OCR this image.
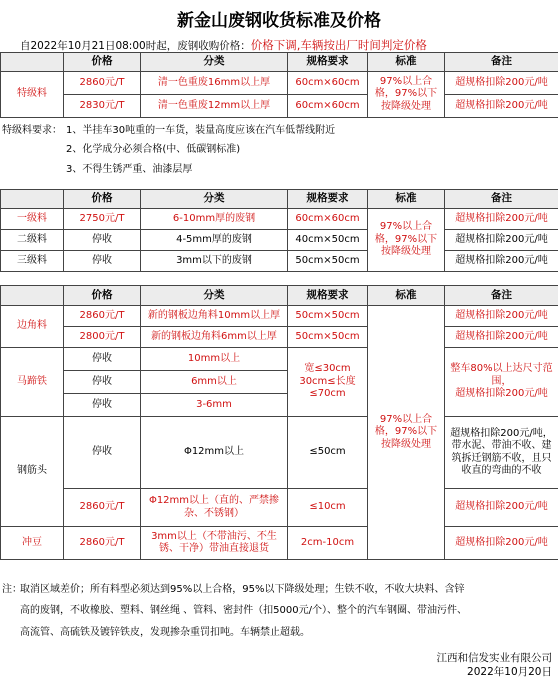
新金山废钢收货标准及价格
自2022年10月21日08:00时起，废钢收购价格：价格下调,车辆按出厂时间判定价格
	价格	分类	规格要求	标准	备注
特级料	2860元/T	清一色重废16mm以上厚	60cm×60cm	97%以上合格，97%以下按降级处理	超规格扣除200元/吨
	2830元/T	清一色重废12mm以上厚	60cm×60cm		超规格扣除200元/吨
特级料要求： 1、半挂车30吨重的一车货，装量高度应该在汽车低帮线附近
2、化学成分必须合格(中、低碳钢标准)
3、不得生锈严重、油漆层厚
	价格	分类	规格要求	标准	备注
一级料	2750元/T	6-10mm厚的废钢	60cm×60cm	97%以上合格，97%以下按降级处理	超规格扣除200元/吨
二级料	停收	4-5mm厚的废钢	40cm×50cm		超规格扣除200元/吨
三级料	停收	3mm以下的废钢	50cm×50cm		超规格扣除200元/吨
	价格	分类	规格要求	标准	备注
边角料	2860元/T	新的钢板边角料10mm以上厚	50cm×50cm	97%以上合格，97%以下按降级处理	超规格扣除200元/吨
	2800元/T	新的钢板边角料6mm以上厚	50cm×50cm		超规格扣除200元/吨
马蹄铁	停收	10mm以上	宽≤30cm 30cm≤长度≤70cm		整车80%以上达尺寸范围，
超规格扣除200元/吨

	停收	6mm以上			
	停收	3-6mm			
钢筋头	停收	Φ12mm以上	≤50cm		超规格扣除200元/吨，带水泥、带油不收、建筑拆迁钢筋不收，且只收直的弯曲的不收
	2860元/T	Φ12mm以上（直的、严禁掺杂、不锈钢）	≤10cm		超规格扣除200元/吨
冲豆	2860元/T	3mm以上（不带油污、不生锈、干净）带油直接退货	2cm-10cm		超规格扣除200元/吨
注：
取消区域差价；所有料型必须达到95%以上合格，95%以下降级处理；生铁不收，不收大块料、含锌
高的废钢，不收橡胶、塑料、钢丝绳 、管料、密封件（扣5000元/个）、整个的汽车钢圈、带油污件、
高流管、高硫铁及镀锌铁皮，发现掺杂重罚扣吨。车辆禁止超载。
江西和信发实业有限公司
2022年10月20日
